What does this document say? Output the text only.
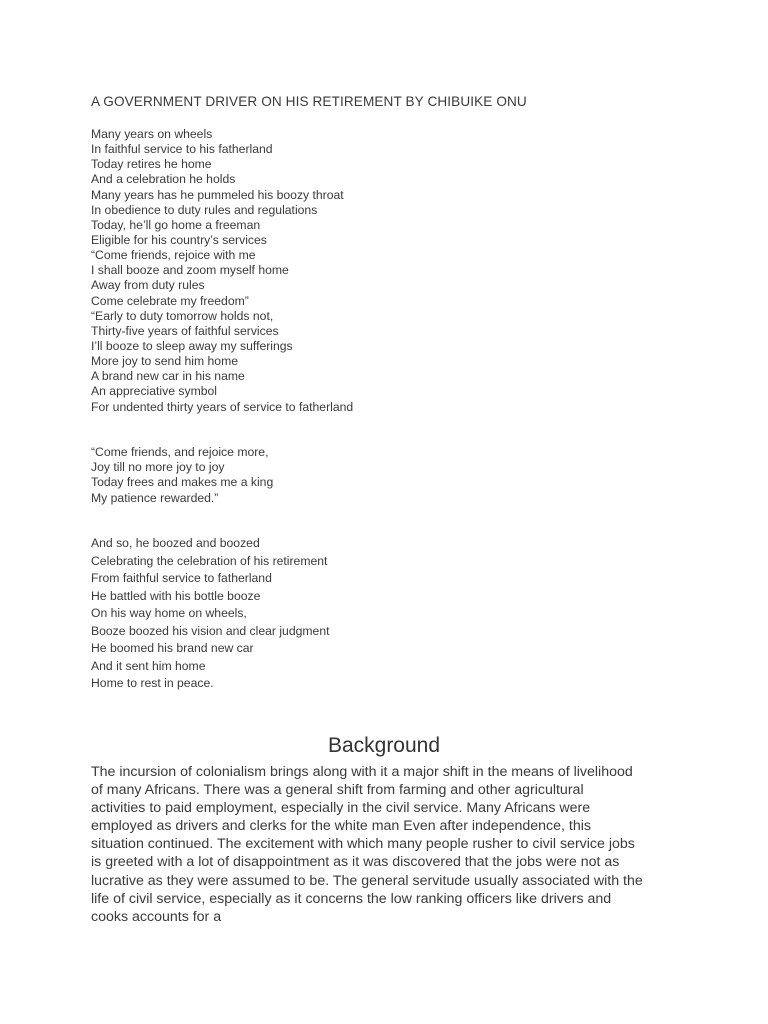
A GOVERNMENT DRIVER ON HIS RETIREMENT BY CHIBUIKE ONU
Many years on wheels
In faithful service to his fatherland
Today retires he home
And a celebration he holds
Many years has he pummeled his boozy throat
In obedience to duty rules and regulations
Today, he’ll go home a freeman
Eligible for his country’s services
“Come friends, rejoice with me
I shall booze and zoom myself home
Away from duty rules
Come celebrate my freedom”
“Early to duty tomorrow holds not,
Thirty-five years of faithful services
I’ll booze to sleep away my sufferings
More joy to send him home
A brand new car in his name
An appreciative symbol
For undented thirty years of service to fatherland
“Come friends, and rejoice more,
Joy till no more joy to joy
Today frees and makes me a king
My patience rewarded.”
And so, he boozed and boozed
Celebrating the celebration of his retirement
From faithful service to fatherland
He battled with his bottle booze
On his way home on wheels,
Booze boozed his vision and clear judgment
He boomed his brand new car
And it sent him home
Home to rest in peace.
Background
The incursion of colonialism brings along with it a major shift in the means of livelihood
of many Africans. There was a general shift from farming and other agricultural
activities to paid employment, especially in the civil service. Many Africans were
employed as drivers and clerks for the white man Even after independence, this
situation continued. The excitement with which many people rusher to civil service jobs
is greeted with a lot of disappointment as it was discovered that the jobs were not as
lucrative as they were assumed to be. The general servitude usually associated with the
life of civil service, especially as it concerns the low ranking officers like drivers and
cooks accounts for a
